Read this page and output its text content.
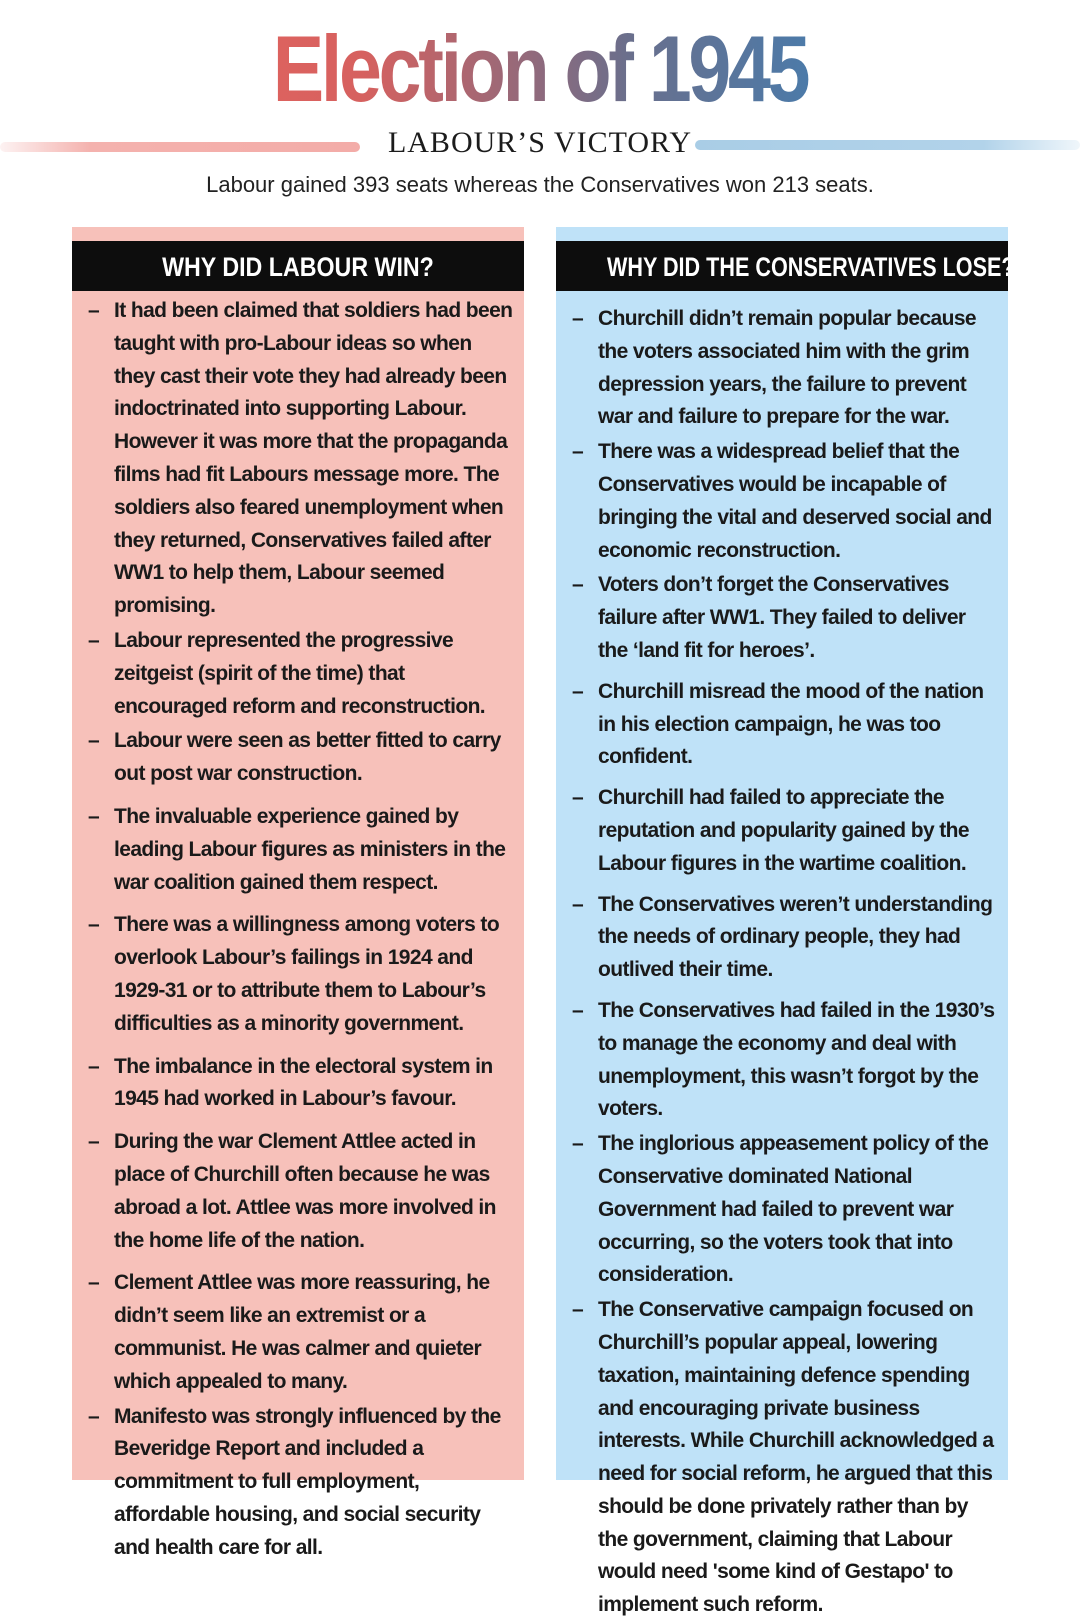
Election of 1945
LABOUR’S VICTORY
Labour gained 393 seats whereas the Conservatives won 213 seats.
WHY DID LABOUR WIN?
– It had been claimed that soldiers had been taught with pro-Labour ideas so when they cast their vote they had already been indoctrinated into supporting Labour. However it was more that the propaganda films had fit Labours message more. The soldiers also feared unemployment when they returned, Conservatives failed after WW1 to help them, Labour seemed promising.
– Labour represented the progressive zeitgeist (spirit of the time) that encouraged reform and reconstruction.
– Labour were seen as better fitted to carry out post war construction.
– The invaluable experience gained by leading Labour figures as ministers in the war coalition gained them respect.
– There was a willingness among voters to overlook Labour’s failings in 1924 and 1929-31 or to attribute them to Labour’s difficulties as a minority government.
– The imbalance in the electoral system in 1945 had worked in Labour’s favour.
– During the war Clement Attlee acted in place of Churchill often because he was abroad a lot. Attlee was more involved in the home life of the nation.
– Clement Attlee was more reassuring, he didn’t seem like an extremist or a communist. He was calmer and quieter which appealed to many.
– Manifesto was strongly influenced by the Beveridge Report and included a commitment to full employment, affordable housing, and social security and health care for all.
WHY DID THE CONSERVATIVES LOSE?
– Churchill didn’t remain popular because the voters associated him with the grim depression years, the failure to prevent war and failure to prepare for the war.
– There was a widespread belief that the Conservatives would be incapable of bringing the vital and deserved social and economic reconstruction.
– Voters don’t forget the Conservatives failure after WW1. They failed to deliver the ‘land fit for heroes’.
– Churchill misread the mood of the nation in his election campaign, he was too confident.
– Churchill had failed to appreciate the reputation and popularity gained by the Labour figures in the wartime coalition.
– The Conservatives weren’t understanding the needs of ordinary people, they had outlived their time.
– The Conservatives had failed in the 1930’s to manage the economy and deal with unemployment, this wasn’t forgot by the voters.
– The inglorious appeasement policy of the Conservative dominated National Government had failed to prevent war occurring, so the voters took that into consideration.
– The Conservative campaign focused on Churchill’s popular appeal, lowering taxation, maintaining defence spending and encouraging private business interests. While Churchill acknowledged a need for social reform, he argued that this should be done privately rather than by the government, claiming that Labour would need 'some kind of Gestapo' to implement such reform.
